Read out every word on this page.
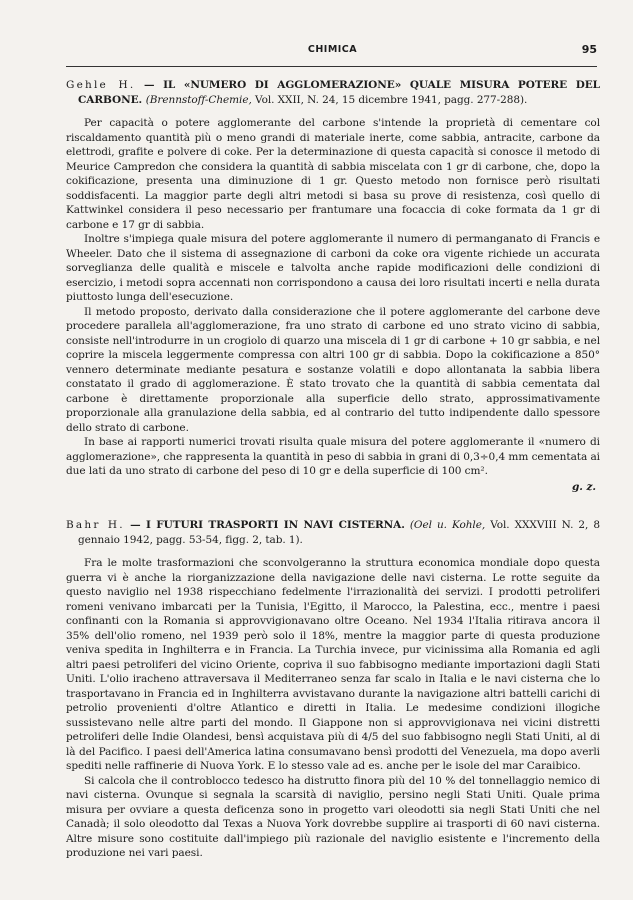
CHIMICA	95

Gehle H. — IL «NUMERO DI AGGLOMERAZIONE» QUALE MISURA POTERE DEL CARBONE. (Brennstoff-Chemie, Vol. XXII, N. 24, 15 dicembre 1941, pagg. 277-288).

Per capacità o potere agglomerante del carbone s'intende la proprietà di cementare col riscaldamento quantità più o meno grandi di materiale inerte, come sabbia, antracite, carbone da elettrodi, grafite e polvere di coke. Per la determinazione di questa capacità si conosce il metodo di Meurice Campredon che considera la quantità di sabbia miscelata con 1 gr di carbone, che, dopo la cokificazione, presenta una diminuzione di 1 gr. Questo metodo non fornisce però risultati soddisfacenti. La maggior parte degli altri metodi si basa su prove di resistenza, così quello di Kattwinkel considera il peso necessario per frantumare una focaccia di coke formata da 1 gr di carbone e 17 gr di sabbia.

Inoltre s'impiega quale misura del potere agglomerante il numero di permanganato di Francis e Wheeler. Dato che il sistema di assegnazione di carboni da coke ora vigente richiede un accurata sorveglianza delle qualità e miscele e talvolta anche rapide modificazioni delle condizioni di esercizio, i metodi sopra accennati non corrispondono a causa dei loro risultati incerti e nella durata piuttosto lunga dell'esecuzione.

Il metodo proposto, derivato dalla considerazione che il potere agglomerante del carbone deve procedere parallela all'agglomerazione, fra uno strato di carbone ed uno strato vicino di sabbia, consiste nell'introdurre in un crogiolo di quarzo una miscela di 1 gr di carbone + 10 gr sabbia, e nel coprire la miscela leggermente compressa con altri 100 gr di sabbia. Dopo la cokificazione a 850° vennero determinate mediante pesatura e sostanze volatili e dopo allontanata la sabbia libera constatato il grado di agglomerazione. È stato trovato che la quantità di sabbia cementata dal carbone è direttamente proporzionale alla superficie dello strato, approssimativamente proporzionale alla granulazione della sabbia, ed al contrario del tutto indipendente dallo spessore dello strato di carbone.

In base ai rapporti numerici trovati risulta quale misura del potere agglomerante il «numero di agglomerazione», che rappresenta la quantità in peso di sabbia in grani di 0,3÷0,4 mm cementata ai due lati da uno strato di carbone del peso di 10 gr e della superficie di 100 cm².

g. z.

Bahr H. — I FUTURI TRASPORTI IN NAVI CISTERNA. (Oel u. Kohle, Vol. XXXVIII N. 2, 8 gennaio 1942, pagg. 53-54, figg. 2, tab. 1).

Fra le molte trasformazioni che sconvolgeranno la struttura economica mondiale dopo questa guerra vi è anche la riorganizzazione della navigazione delle navi cisterna. Le rotte seguite da questo naviglio nel 1938 rispecchiano fedelmente l'irrazionalità dei servizi. I prodotti petroliferi romeni venivano imbarcati per la Tunisia, l'Egitto, il Marocco, la Palestina, ecc., mentre i paesi confinanti con la Romania si approvvigionavano oltre Oceano. Nel 1934 l'Italia ritirava ancora il 35% dell'olio romeno, nel 1939 però solo il 18%, mentre la maggior parte di questa produzione veniva spedita in Inghilterra e in Francia. La Turchia invece, pur vicinissima alla Romania ed agli altri paesi petroliferi del vicino Oriente, copriva il suo fabbisogno mediante importazioni dagli Stati Uniti. L'olio iracheno attraversava il Mediterraneo senza far scalo in Italia e le navi cisterna che lo trasportavano in Francia ed in Inghilterra avvistavano durante la navigazione altri battelli carichi di petrolio provenienti d'oltre Atlantico e diretti in Italia. Le medesime condizioni illogiche sussistevano nelle altre parti del mondo. Il Giappone non si approvvigionava nei vicini distretti petroliferi delle Indie Olandesi, bensì acquistava più di 4/5 del suo fabbisogno negli Stati Uniti, al di là del Pacifico. I paesi dell'America latina consumavano bensì prodotti del Venezuela, ma dopo averli spediti nelle raffinerie di Nuova York. E lo stesso vale ad es. anche per le isole del mar Caraibico.

Si calcola che il controblocco tedesco ha distrutto finora più del 10 % del tonnellaggio nemico di navi cisterna. Ovunque si segnala la scarsità di naviglio, persino negli Stati Uniti. Quale prima misura per ovviare a questa deficenza sono in progetto vari oleodotti sia negli Stati Uniti che nel Canadà; il solo oleodotto dal Texas a Nuova York dovrebbe supplire ai trasporti di 60 navi cisterna. Altre misure sono costituite dall'impiego più razionale del naviglio esistente e l'incremento della produzione nei vari paesi.
